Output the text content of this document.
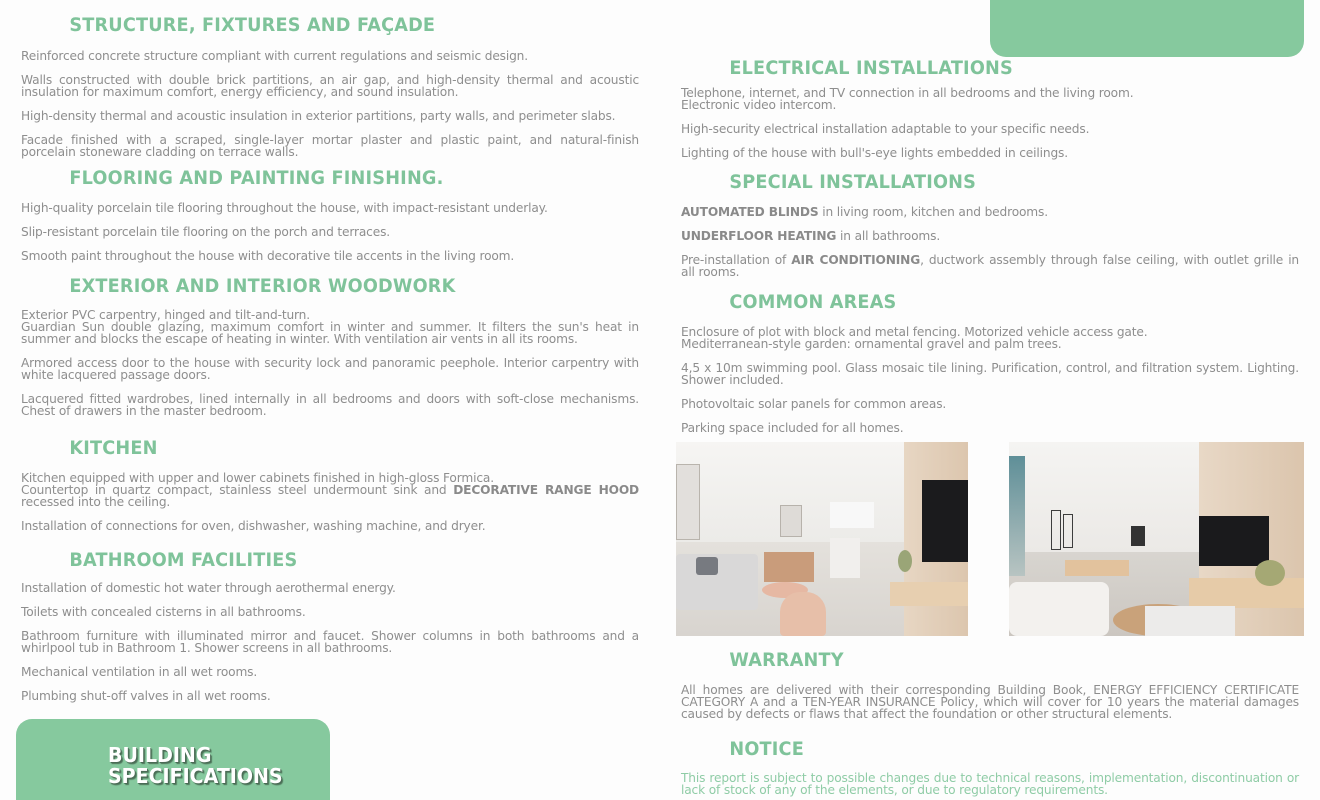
STRUCTURE, FIXTURES AND FAÇADE

Reinforced concrete structure compliant with current regulations and seismic design.

Walls constructed with double brick partitions, an air gap, and high-density thermal and acoustic insulation for maximum comfort, energy efficiency, and sound insulation.

High-density thermal and acoustic insulation in exterior partitions, party walls, and perimeter slabs.

Facade finished with a scraped, single-layer mortar plaster and plastic paint, and natural-finish porcelain stoneware cladding on terrace walls.

FLOORING AND PAINTING FINISHING.

High-quality porcelain tile flooring throughout the house, with impact-resistant underlay.

Slip-resistant porcelain tile flooring on the porch and terraces.

Smooth paint throughout the house with decorative tile accents in the living room.

EXTERIOR AND INTERIOR WOODWORK

Exterior PVC carpentry, hinged and tilt-and-turn.

Guardian Sun double glazing, maximum comfort in winter and summer. It filters the sun's heat in summer and blocks the escape of heating in winter. With ventilation air vents in all its rooms.

Armored access door to the house with security lock and panoramic peephole. Interior carpentry with white lacquered passage doors.

Lacquered fitted wardrobes, lined internally in all bedrooms and doors with soft-close mechanisms. Chest of drawers in the master bedroom.

KITCHEN

Kitchen equipped with upper and lower cabinets finished in high-gloss Formica.

Countertop in quartz compact, stainless steel undermount sink and DECORATIVE RANGE HOOD recessed into the ceiling.

Installation of connections for oven, dishwasher, washing machine, and dryer.

BATHROOM FACILITIES

Installation of domestic hot water through aerothermal energy.

Toilets with concealed cisterns in all bathrooms.

Bathroom furniture with illuminated mirror and faucet. Shower columns in both bathrooms and a whirlpool tub in Bathroom 1. Shower screens in all bathrooms.

Mechanical ventilation in all wet rooms.

Plumbing shut-off valves in all wet rooms.

BUILDING
SPECIFICATIONS
ELECTRICAL INSTALLATIONS

Telephone, internet, and TV connection in all bedrooms and the living room.

Electronic video intercom.

High-security electrical installation adaptable to your specific needs.

Lighting of the house with bull's-eye lights embedded in ceilings.

SPECIAL INSTALLATIONS

AUTOMATED BLINDS in living room, kitchen and bedrooms.

UNDERFLOOR HEATING in all bathrooms.

Pre-installation of AIR CONDITIONING, ductwork assembly through false ceiling, with outlet grille in all rooms.

COMMON AREAS

Enclosure of plot with block and metal fencing. Motorized vehicle access gate.

Mediterranean-style garden: ornamental gravel and palm trees.

4,5 x 10m swimming pool. Glass mosaic tile lining. Purification, control, and filtration system. Lighting. Shower included.

Photovoltaic solar panels for common areas.

Parking space included for all homes.

WARRANTY

All homes are delivered with their corresponding Building Book, ENERGY EFFICIENCY CERTIFICATE CATEGORY A and a TEN-YEAR INSURANCE Policy, which will cover for 10 years the material damages caused by defects or flaws that affect the foundation or other structural elements.

NOTICE

This report is subject to possible changes due to technical reasons, implementation, discontinuation or lack of stock of any of the elements, or due to regulatory requirements.
